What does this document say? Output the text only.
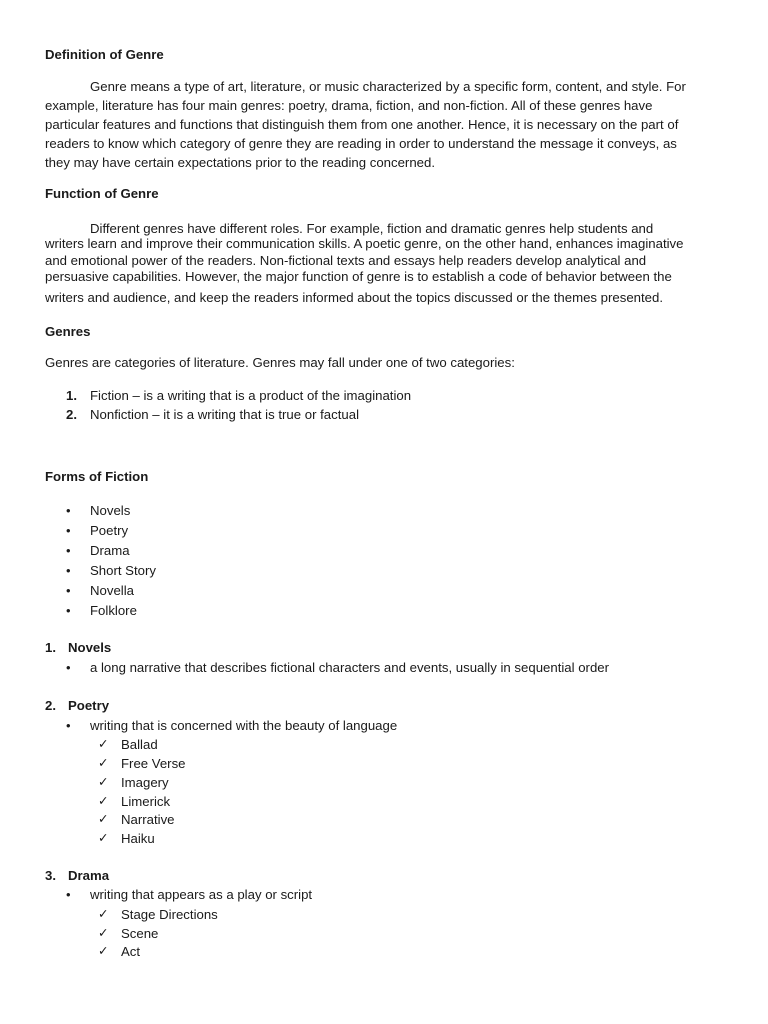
Definition of Genre
Genre means a type of art, literature, or music characterized by a specific form, content, and style. For
example, literature has four main genres: poetry, drama, fiction, and non-fiction. All of these genres have
particular features and functions that distinguish them from one another. Hence, it is necessary on the part of
readers to know which category of genre they are reading in order to understand the message it conveys, as
they may have certain expectations prior to the reading concerned.
Function of Genre
Different genres have different roles. For example, fiction and dramatic genres help students and
writers learn and improve their communication skills. A poetic genre, on the other hand, enhances imaginative
and emotional power of the readers. Non-fictional texts and essays help readers develop analytical and
persuasive capabilities. However, the major function of genre is to establish a code of behavior between the
writers and audience, and keep the readers informed about the topics discussed or the themes presented.
Genres
Genres are categories of literature. Genres may fall under one of two categories:
1. Fiction – is a writing that is a product of the imagination
2. Nonfiction – it is a writing that is true or factual
Forms of Fiction
• Novels
• Poetry
• Drama
• Short Story
• Novella
• Folklore
1. Novels
• a long narrative that describes fictional characters and events, usually in sequential order
2. Poetry
• writing that is concerned with the beauty of language
✓ Ballad
✓ Free Verse
✓ Imagery
✓ Limerick
✓ Narrative
✓ Haiku
3. Drama
• writing that appears as a play or script
✓ Stage Directions
✓ Scene
✓ Act
